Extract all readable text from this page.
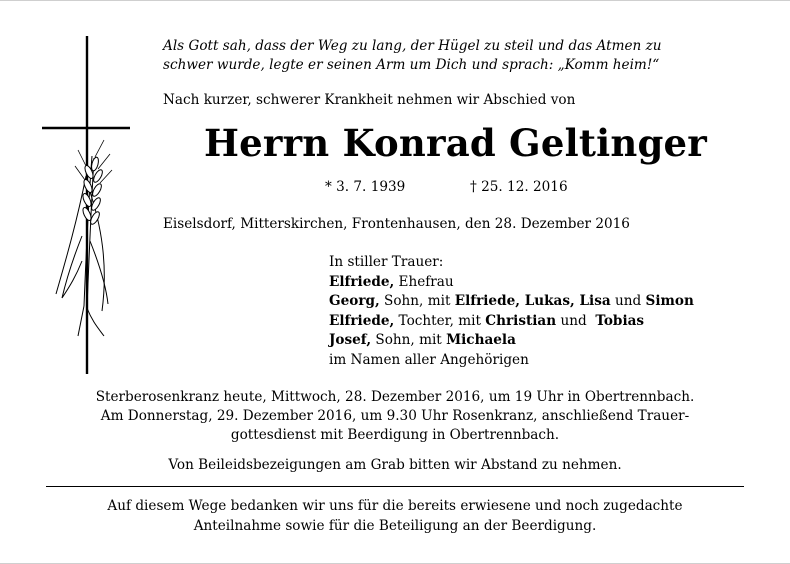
Als Gott sah, dass der Weg zu lang, der Hügel zu steil und das Atmen zu
schwer wurde, legte er seinen Arm um Dich und sprach: „Komm heim!“
Nach kurzer, schwerer Krankheit nehmen wir Abschied von
Herrn Konrad Geltinger
* 3. 7. 1939	† 25. 12. 2016
Eiselsdorf, Mitterskirchen, Frontenhausen, den 28. Dezember 2016
In stiller Trauer:
Elfriede, Ehefrau
Georg, Sohn, mit Elfriede, Lukas, Lisa und Simon
Elfriede, Tochter, mit Christian und  Tobias
Josef, Sohn, mit Michaela
im Namen aller Angehörigen
Sterberosenkranz heute, Mittwoch, 28. Dezember 2016, um 19 Uhr in Obertrennbach.
Am Donnerstag, 29. Dezember 2016, um 9.30 Uhr Rosenkranz, anschließend Trauer-
gottesdienst mit Beerdigung in Obertrennbach.
Von Beileidsbezeigungen am Grab bitten wir Abstand zu nehmen.
Auf diesem Wege bedanken wir uns für die bereits erwiesene und noch zugedachte
Anteilnahme sowie für die Beteiligung an der Beerdigung.
